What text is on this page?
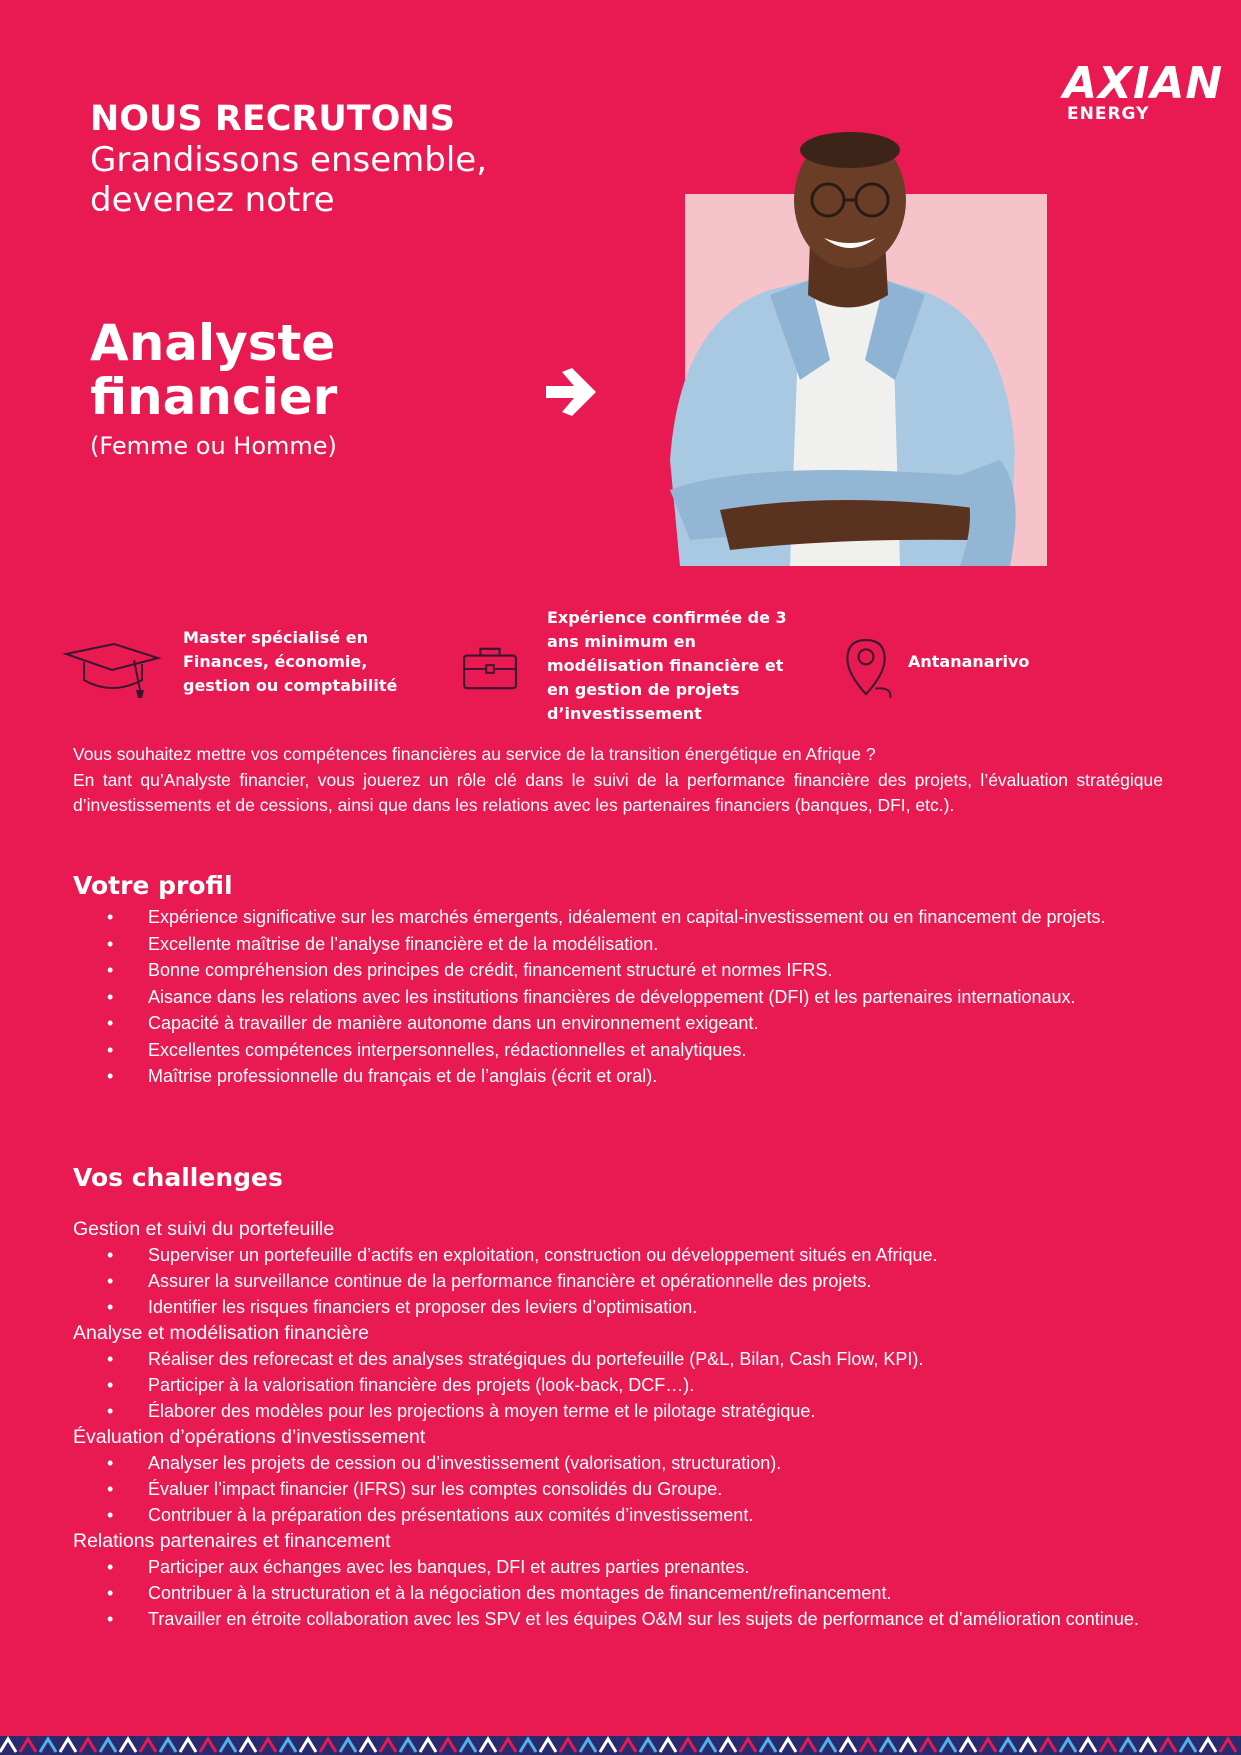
AXIAN
ENERGY
NOUS RECRUTONS
Grandissons ensemble,
devenez notre
Analyste
financier
(Femme ou Homme)
Master spécialisé en
Finances, économie,
gestion ou comptabilité
Expérience confirmée de 3
ans minimum en
modélisation financière et
en gestion de projets
d’investissement
Antananarivo
Vous souhaitez mettre vos compétences financières au service de la transition énergétique en Afrique ?
En tant qu’Analyste financier, vous jouerez un rôle clé dans le suivi de la performance financière des projets, l’évaluation stratégique d’investissements et de cessions, ainsi que dans les relations avec les partenaires financiers (banques, DFI, etc.).
Votre profil
• Expérience significative sur les marchés émergents, idéalement en capital-investissement ou en financement de projets.
• Excellente maîtrise de l’analyse financière et de la modélisation.
• Bonne compréhension des principes de crédit, financement structuré et normes IFRS.
• Aisance dans les relations avec les institutions financières de développement (DFI) et les partenaires internationaux.
• Capacité à travailler de manière autonome dans un environnement exigeant.
• Excellentes compétences interpersonnelles, rédactionnelles et analytiques.
• Maîtrise professionnelle du français et de l’anglais (écrit et oral).
Vos challenges
Gestion et suivi du portefeuille
• Superviser un portefeuille d’actifs en exploitation, construction ou développement situés en Afrique.
• Assurer la surveillance continue de la performance financière et opérationnelle des projets.
• Identifier les risques financiers et proposer des leviers d’optimisation.
Analyse et modélisation financière
• Réaliser des reforecast et des analyses stratégiques du portefeuille (P&L, Bilan, Cash Flow, KPI).
• Participer à la valorisation financière des projets (look-back, DCF…).
• Élaborer des modèles pour les projections à moyen terme et le pilotage stratégique.
Évaluation d’opérations d’investissement
• Analyser les projets de cession ou d’investissement (valorisation, structuration).
• Évaluer l’impact financier (IFRS) sur les comptes consolidés du Groupe.
• Contribuer à la préparation des présentations aux comités d’investissement.
Relations partenaires et financement
• Participer aux échanges avec les banques, DFI et autres parties prenantes.
• Contribuer à la structuration et à la négociation des montages de financement/refinancement.
• Travailler en étroite collaboration avec les SPV et les équipes O&M sur les sujets de performance et d’amélioration continue.
